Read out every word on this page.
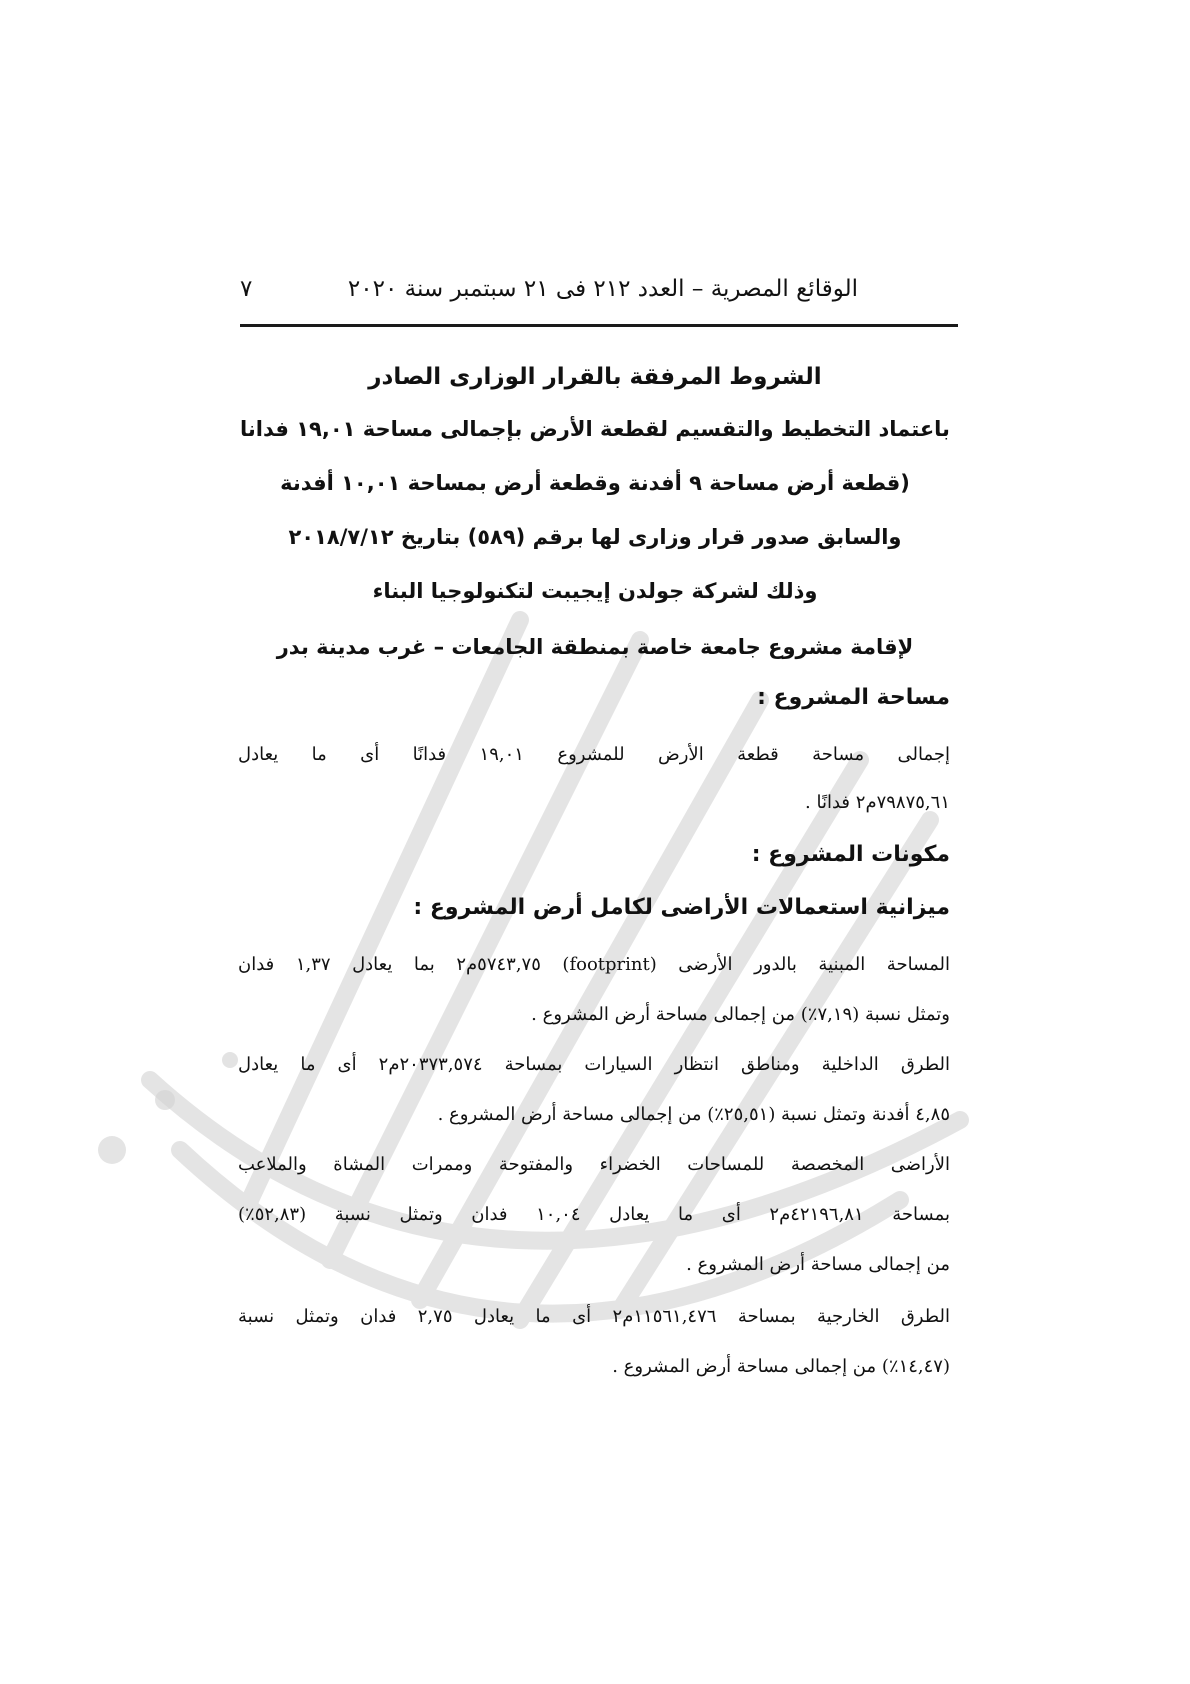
الوقائع المصرية – العدد ٢١٢ فى ٢١ سبتمبر سنة ٢٠٢٠
٧
الشروط المرفقة بالقرار الوزارى الصادر
باعتماد التخطيط والتقسيم لقطعة الأرض بإجمالى مساحة ١٩,٠١ فدانا
(قطعة أرض مساحة ٩ أفدنة وقطعة أرض بمساحة ١٠,٠١ أفدنة
والسابق صدور قرار وزارى لها برقم (٥٨٩) بتاريخ ٢٠١٨/٧/١٢
وذلك لشركة جولدن إيجيبت لتكنولوجيا البناء
لإقامة مشروع جامعة خاصة بمنطقة الجامعات – غرب مدينة بدر
مساحة المشروع :
إجمالى مساحة قطعة الأرض للمشروع ١٩,٠١ فدانًا أى ما يعادل
٧٩٨٧٥,٦١م٢ فدانًا .
مكونات المشروع :
ميزانية استعمالات الأراضى لكامل أرض المشروع :
المساحة المبنية بالدور الأرضى (footprint) ٥٧٤٣,٧٥م٢ بما يعادل ١,٣٧ فدان
وتمثل نسبة (٧,١٩٪) من إجمالى مساحة أرض المشروع .
الطرق الداخلية ومناطق انتظار السيارات بمساحة ٢٠٣٧٣,٥٧٤م٢ أى ما يعادل
٤,٨٥ أفدنة وتمثل نسبة (٢٥,٥١٪) من إجمالى مساحة أرض المشروع .
الأراضى المخصصة للمساحات الخضراء والمفتوحة وممرات المشاة والملاعب
بمساحة ٤٢١٩٦,٨١م٢ أى ما يعادل ١٠,٠٤ فدان وتمثل نسبة (٥٢,٨٣٪)
من إجمالى مساحة أرض المشروع .
الطرق الخارجية بمساحة ١١٥٦١,٤٧٦م٢ أى ما يعادل ٢,٧٥ فدان وتمثل نسبة
(١٤,٤٧٪) من إجمالى مساحة أرض المشروع .
